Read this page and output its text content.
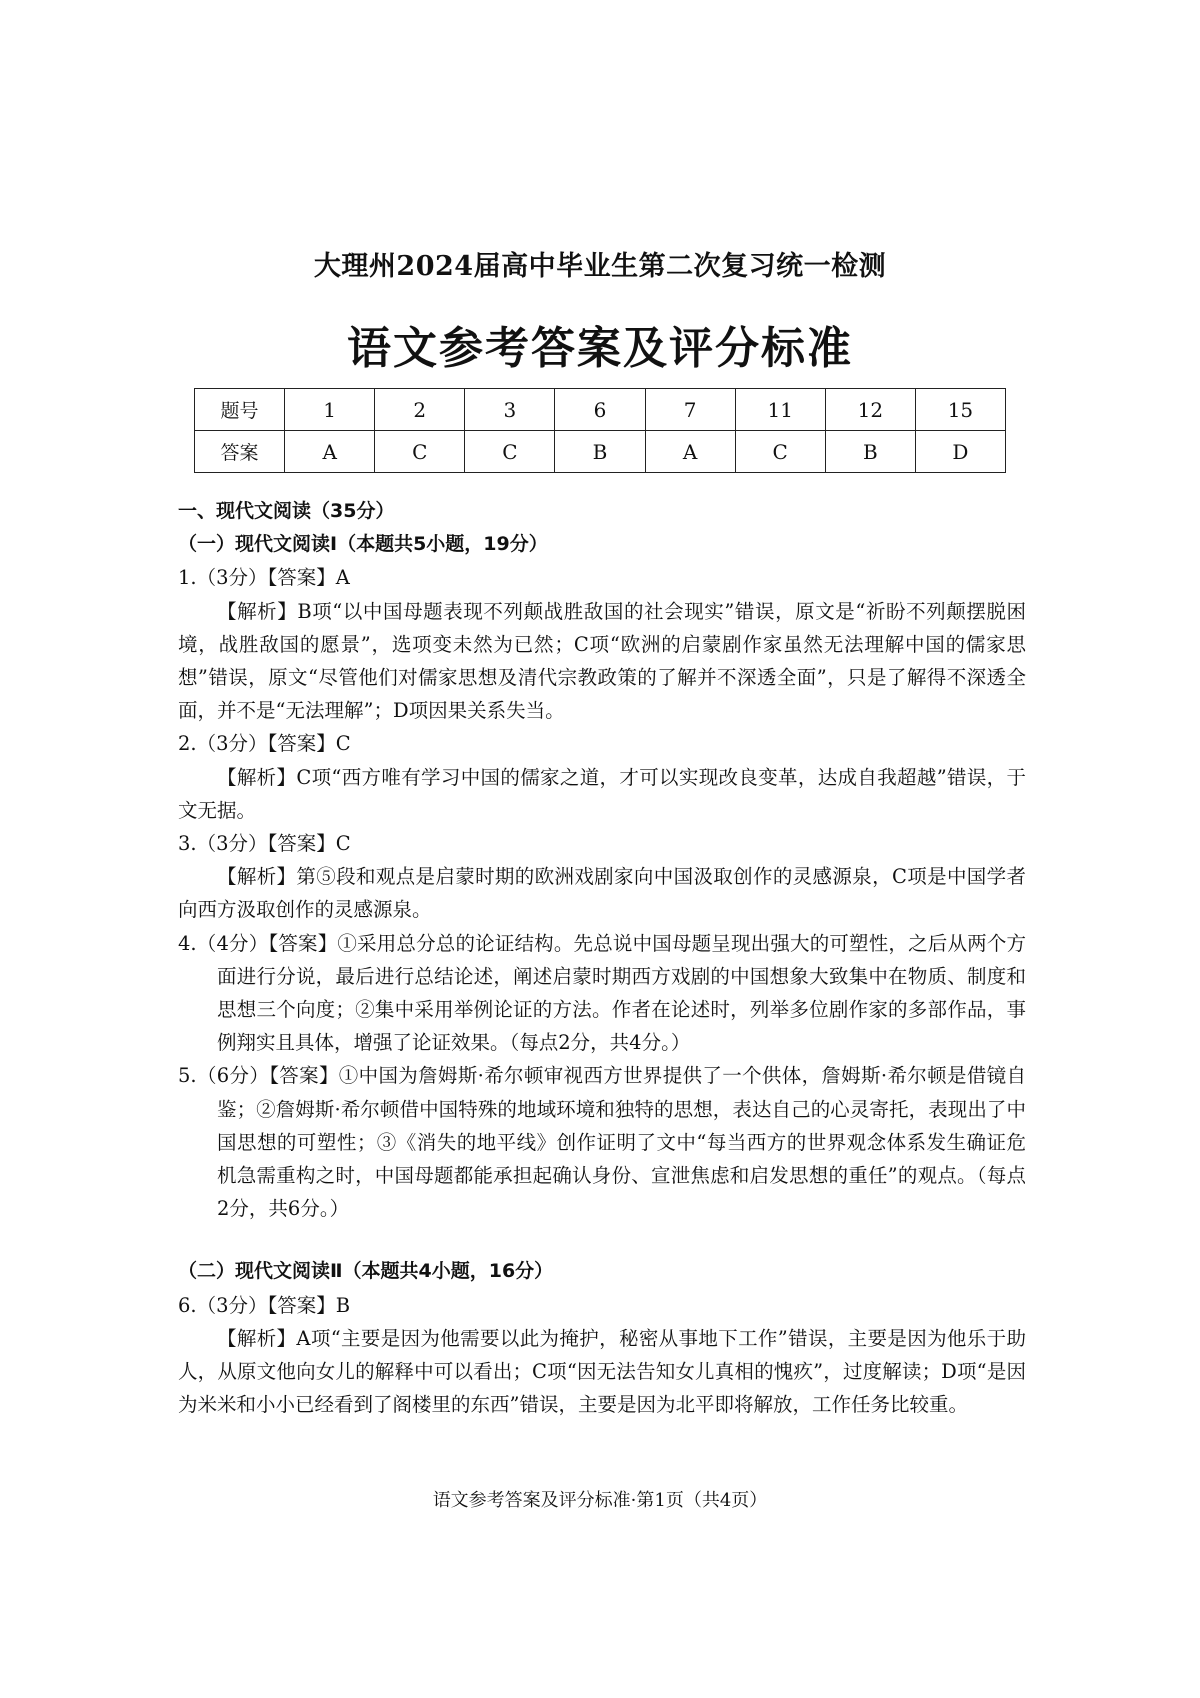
大理州2024届高中毕业生第二次复习统一检测
语文参考答案及评分标准
题号	1	2	3	6	7	11	12	15
答案	A	C	C	B	A	C	B	D

一、现代文阅读（35分）

（一）现代文阅读Ⅰ（本题共5小题，19分）

1.（3分）【答案】A

【解析】B项“以中国母题表现不列颠战胜敌国的社会现实”错误，原文是“祈盼不列颠摆脱困境，战胜敌国的愿景”，选项变未然为已然；C项“欧洲的启蒙剧作家虽然无法理解中国的儒家思想”错误，原文“尽管他们对儒家思想及清代宗教政策的了解并不深透全面”，只是了解得不深透全面，并不是“无法理解”；D项因果关系失当。

2.（3分）【答案】C

【解析】C项“西方唯有学习中国的儒家之道，才可以实现改良变革，达成自我超越”错误，于文无据。

3.（3分）【答案】C

【解析】第⑤段和观点是启蒙时期的欧洲戏剧家向中国汲取创作的灵感源泉，C项是中国学者向西方汲取创作的灵感源泉。

4.（4分）【答案】①采用总分总的论证结构。先总说中国母题呈现出强大的可塑性，之后从两个方面进行分说，最后进行总结论述，阐述启蒙时期西方戏剧的中国想象大致集中在物质、制度和思想三个向度；②集中采用举例论证的方法。作者在论述时，列举多位剧作家的多部作品，事例翔实且具体，增强了论证效果。（每点2分，共4分。）

5.（6分）【答案】①中国为詹姆斯·希尔顿审视西方世界提供了一个供体，詹姆斯·希尔顿是借镜自鉴；②詹姆斯·希尔顿借中国特殊的地域环境和独特的思想，表达自己的心灵寄托，表现出了中国思想的可塑性；③《消失的地平线》创作证明了文中“每当西方的世界观念体系发生确证危机急需重构之时，中国母题都能承担起确认身份、宣泄焦虑和启发思想的重任”的观点。（每点2分，共6分。）

（二）现代文阅读Ⅱ（本题共4小题，16分）

6.（3分）【答案】B

【解析】A项“主要是因为他需要以此为掩护，秘密从事地下工作”错误，主要是因为他乐于助人，从原文他向女儿的解释中可以看出；C项“因无法告知女儿真相的愧疚”，过度解读；D项“是因为米米和小小已经看到了阁楼里的东西”错误，主要是因为北平即将解放，工作任务比较重。

语文参考答案及评分标准·第1页（共4页）
